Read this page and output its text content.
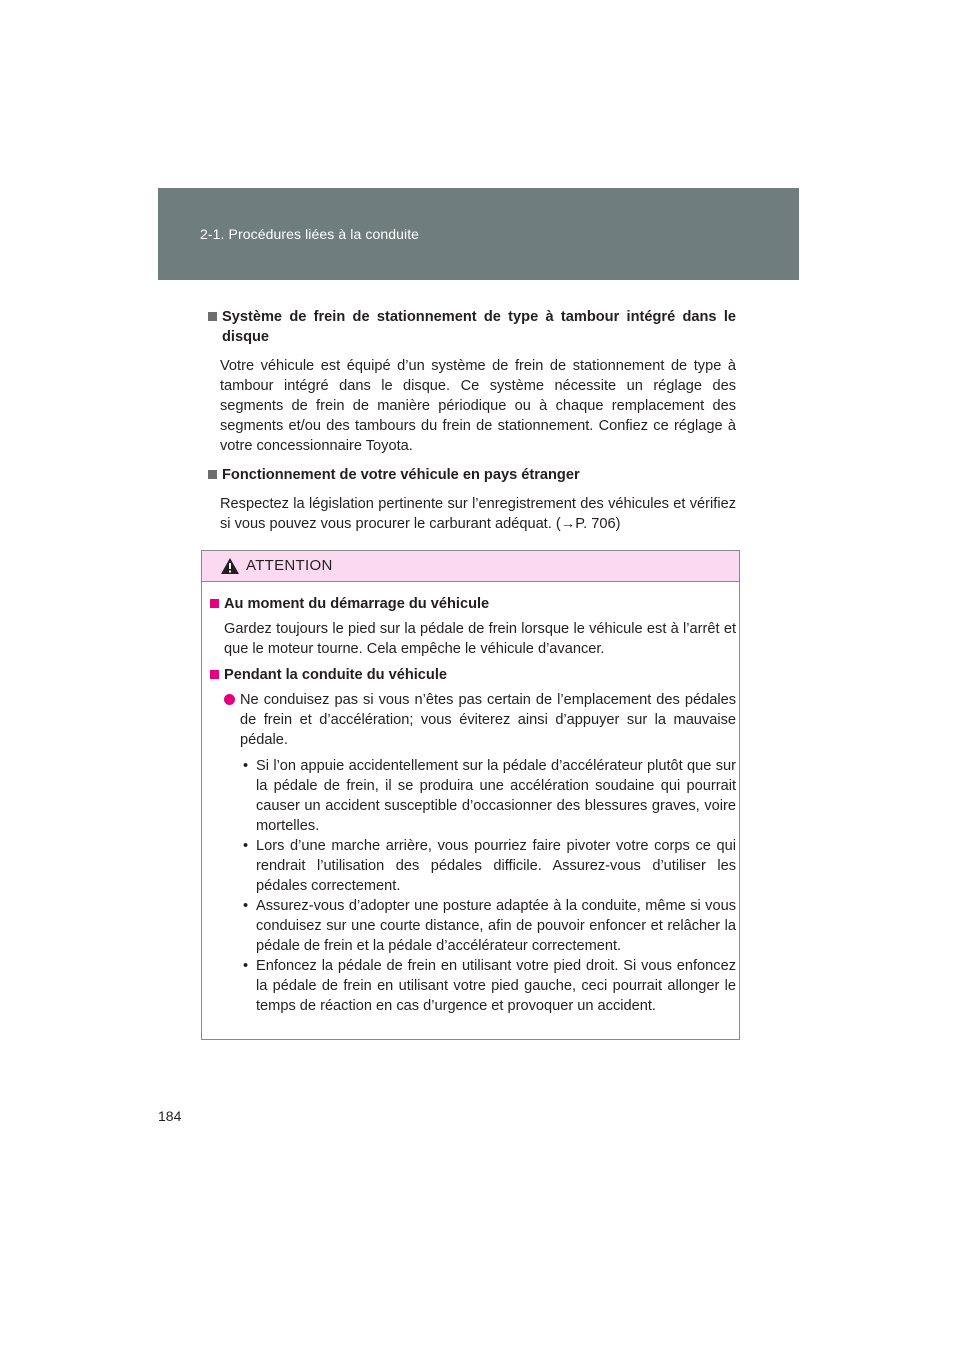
2-1. Procédures liées à la conduite
Système de frein de stationnement de type à tambour intégré dans le disque
Votre véhicule est équipé d’un système de frein de stationnement de type à tambour intégré dans le disque. Ce système nécessite un réglage des segments de frein de manière périodique ou à chaque remplacement des segments et/ou des tambours du frein de stationnement. Confiez ce réglage à votre concessionnaire Toyota.
Fonctionnement de votre véhicule en pays étranger
Respectez la législation pertinente sur l’enregistrement des véhicules et vérifiez si vous pouvez vous procurer le carburant adéquat. (→P. 706)
ATTENTION
Au moment du démarrage du véhicule
Gardez toujours le pied sur la pédale de frein lorsque le véhicule est à l’arrêt et que le moteur tourne. Cela empêche le véhicule d’avancer.
Pendant la conduite du véhicule
Ne conduisez pas si vous n’êtes pas certain de l’emplacement des pédales de frein et d’accélération; vous éviterez ainsi d’appuyer sur la mauvaise pédale.
• Si l’on appuie accidentellement sur la pédale d’accélérateur plutôt que sur la pédale de frein, il se produira une accélération soudaine qui pourrait causer un accident susceptible d’occasionner des blessures graves, voire mortelles.
• Lors d’une marche arrière, vous pourriez faire pivoter votre corps ce qui rendrait l’utilisation des pédales difficile. Assurez-vous d’utiliser les pédales correctement.
• Assurez-vous d’adopter une posture adaptée à la conduite, même si vous conduisez sur une courte distance, afin de pouvoir enfoncer et relâcher la pédale de frein et la pédale d’accélérateur correctement.
• Enfoncez la pédale de frein en utilisant votre pied droit. Si vous enfoncez la pédale de frein en utilisant votre pied gauche, ceci pourrait allonger le temps de réaction en cas d’urgence et provoquer un accident.
184
